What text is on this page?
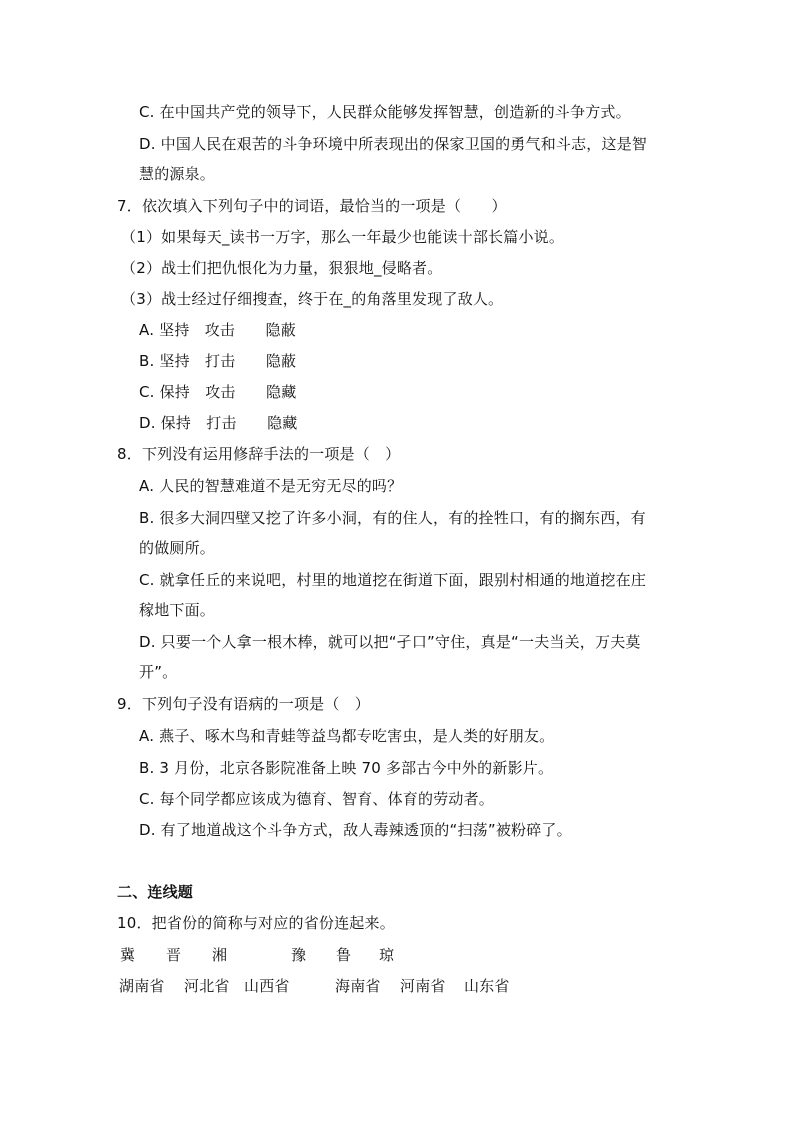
C. 在中国共产党的领导下，人民群众能够发挥智慧，创造新的斗争方式。
D. 中国人民在艰苦的斗争环境中所表现出的保家卫国的勇气和斗志，这是智
慧的源泉。
7．依次填入下列句子中的词语，最恰当的一项是（　　）
（1）如果每天_读书一万字，那么一年最少也能读十部长篇小说。
（2）战士们把仇恨化为力量，狠狠地_侵略者。
（3）战士经过仔细搜查，终于在_的角落里发现了敌人。
A. 坚持　攻击　　隐蔽
B. 坚持　打击　　隐蔽
C. 保持　攻击　　隐藏
D. 保持　打击　　隐藏
8．下列没有运用修辞手法的一项是（　）
A. 人民的智慧难道不是无穷无尽的吗？
B. 很多大洞四壁又挖了许多小洞，有的住人，有的拴牲口，有的搁东西，有
的做厕所。
C. 就拿任丘的来说吧，村里的地道挖在街道下面，跟别村相通的地道挖在庄
稼地下面。
D. 只要一个人拿一根木棒，就可以把“孑口”守住，真是“一夫当关，万夫莫
开”。
9．下列句子没有语病的一项是（　）
A. 燕子、啄木鸟和青蛙等益鸟都专吃害虫，是人类的好朋友。
B. 3 月份，北京各影院准备上映 70 多部古今中外的新影片。
C. 每个同学都应该成为德育、智育、体育的劳动者。
D. 有了地道战这个斗争方式，敌人毒辣透顶的“扫荡”被粉碎了。
二、连线题
10．把省份的简称与对应的省份连起来。
冀 晋 湘	豫 鲁 琼
湖南省 河北省 山西省	海南省 河南省 山东省
